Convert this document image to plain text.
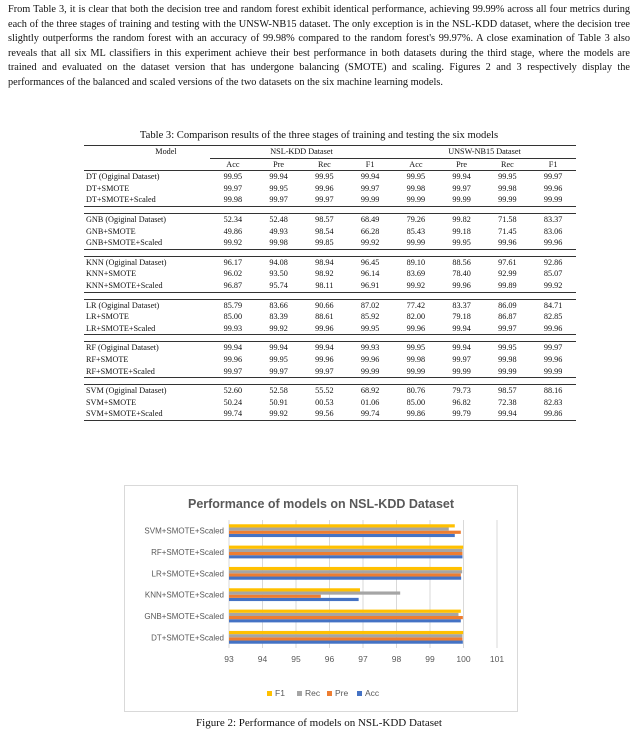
From Table 3, it is clear that both the decision tree and random forest exhibit identical performance, achieving 99.99% across all four metrics during each of the three stages of training and testing with the UNSW-NB15 dataset. The only exception is in the NSL-KDD dataset, where the decision tree slightly outperforms the random forest with an accuracy of 99.98% compared to the random forest's 99.97%. A close examination of Table 3 also reveals that all six ML classifiers in this experiment achieve their best performance in both datasets during the third stage, where the models are trained and evaluated on the dataset version that has undergone balancing (SMOTE) and scaling. Figures 2 and 3 respectively display the performances of the balanced and scaled versions of the two datasets on the six machine learning models.

Table 3: Comparison results of the three stages of training and testing the six models
Model	NSL-KDD Dataset				UNSW-NB15 Dataset			
	Acc	Pre	Rec	F1	Acc	Pre	Rec	F1
DT (Ogiginal Dataset)	99.95	99.94	99.95	99.94	99.95	99.94	99.95	99.97
DT+SMOTE	99.97	99.95	99.96	99.97	99.98	99.97	99.98	99.96
DT+SMOTE+Scaled	99.98	99.97	99.97	99.99	99.99	99.99	99.99	99.99

GNB (Ogiginal Dataset)	52.34	52.48	98.57	68.49	79.26	99.82	71.58	83.37
GNB+SMOTE	49.86	49.93	98.54	66.28	85.43	99.18	71.45	83.06
GNB+SMOTE+Scaled	99.92	99.98	99.85	99.92	99.99	99.95	99.96	99.96

KNN (Ogiginal Dataset)	96.17	94.08	98.94	96.45	89.10	88.56	97.61	92.86
KNN+SMOTE	96.02	93.50	98.92	96.14	83.69	78.40	92.99	85.07
KNN+SMOTE+Scaled	96.87	95.74	98.11	96.91	99.92	99.96	99.89	99.92

LR (Ogiginal Dataset)	85.79	83.66	90.66	87.02	77.42	83.37	86.09	84.71
LR+SMOTE	85.00	83.39	88.61	85.92	82.00	79.18	86.87	82.85
LR+SMOTE+Scaled	99.93	99.92	99.96	99.95	99.96	99.94	99.97	99.96

RF (Ogiginal Dataset)	99.94	99.94	99.94	99.93	99.95	99.94	99.95	99.97
RF+SMOTE	99.96	99.95	99.96	99.96	99.98	99.97	99.98	99.96
RF+SMOTE+Scaled	99.97	99.97	99.97	99.99	99.99	99.99	99.99	99.99

SVM (Ogiginal Dataset)	52.60	52.58	55.52	68.92	80.76	79.73	98.57	88.16
SVM+SMOTE	50.24	50.91	00.53	01.06	85.00	96.82	72.38	82.83
SVM+SMOTE+Scaled	99.74	99.92	99.56	99.74	99.86	99.79	99.94	99.86
Performance of models on NSL-KDD Dataset
DT+SMOTE+Scaled
GNB+SMOTE+Scaled
KNN+SMOTE+Scaled
LR+SMOTE+Scaled
RF+SMOTE+Scaled
SVM+SMOTE+Scaled
93	94	95	96	97	98	99	100 101
F1 Rec Pre Acc
Figure 2: Performance of models on NSL-KDD Dataset
